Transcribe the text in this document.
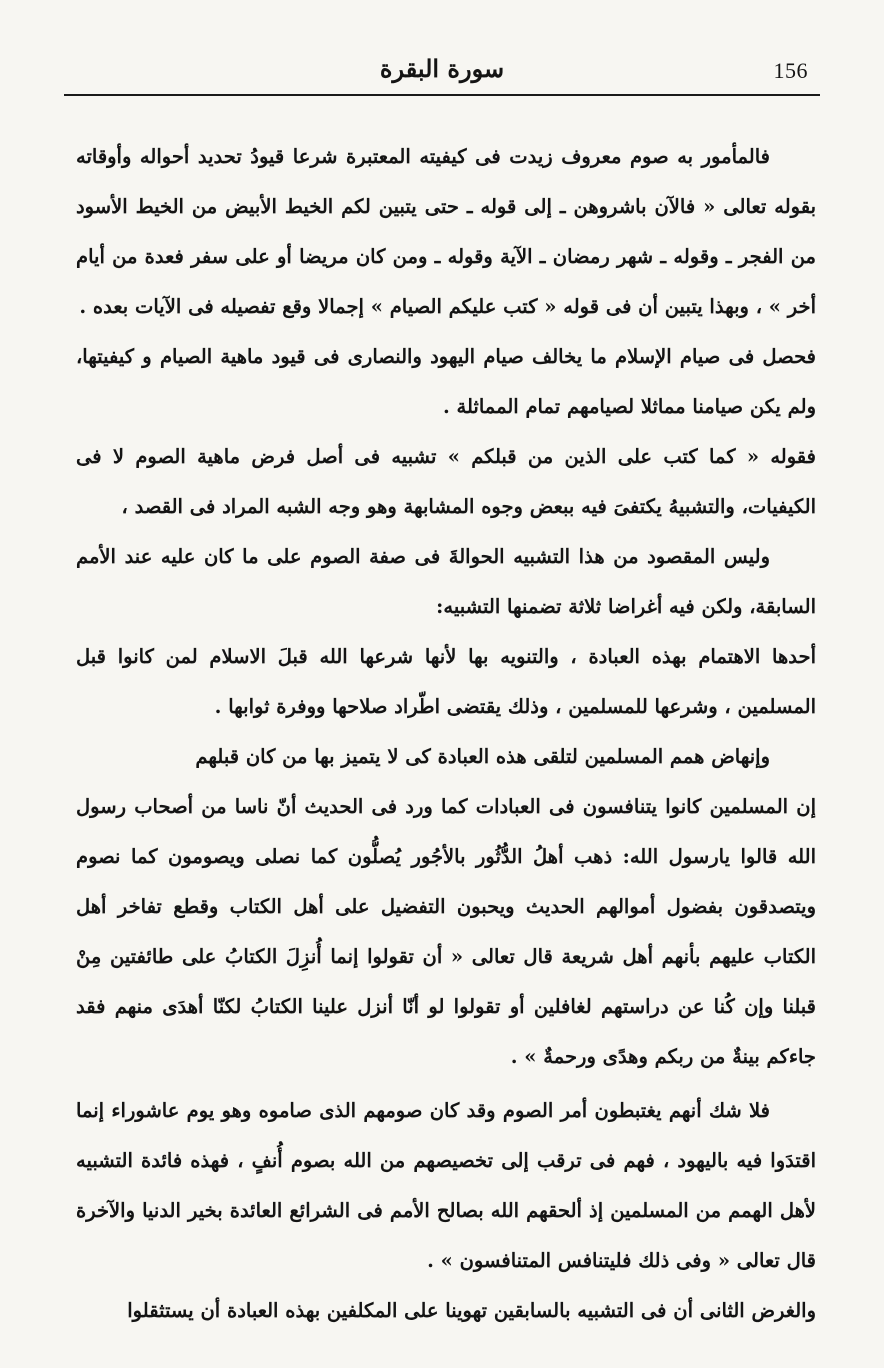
سورة البقرة	156

فالمأمور به صوم معروف زيدت فى كيفيته المعتبرة شرعا قيودُ تحديد أحواله وأوقاته بقوله تعالى « فالآن باشروهن ـ إلى قوله ـ حتى يتبين لكم الخيط الأبيض من الخيط الأسود من الفجر ـ وقوله ـ شهر رمضان ـ الآية وقوله ـ ومن كان مريضا أو على سفر فعدة من أيام أخر » ، وبهذا يتبين أن فى قوله « كتب عليكم الصيام » إجمالا وقع تفصيله فى الآيات بعده .

فحصل فى صيام الإسلام ما يخالف صيام اليهود والنصارى فى قيود ماهية الصيام و كيفيتها، ولم يكن صيامنا مماثلا لصيامهم تمام المماثلة .

فقوله « كما كتب على الذين من قبلكم » تشبيه فى أصل فرض ماهية الصوم لا فى الكيفيات، والتشبيهُ يكتفىَ فيه ببعض وجوه المشابهة وهو وجه الشبه المراد فى القصد ،

وليس المقصود من هذا التشبيه الحوالةَ فى صفة الصوم على ما كان عليه عند الأمم السابقة، ولكن فيه أغراضا ثلاثة تضمنها التشبيه:

أحدها الاهتمام بهذه العبادة ، والتنويه بها لأنها شرعها الله قبلَ الاسلام لمن كانوا قبل المسلمين ، وشرعها للمسلمين ، وذلك يقتضى اطّراد صلاحها ووفرة ثوابها .

وإنهاض همم المسلمين لتلقى هذه العبادة كى لا يتميز بها من كان قبلهم

إن المسلمين كانوا يتنافسون فى العبادات كما ورد فى الحديث أنّ ناسا من أصحاب رسول الله قالوا يارسول الله: ذهب أهلُ الدُّثُور بالأجُور يُصلُّون كما نصلى ويصومون كما نصوم ويتصدقون بفضول أموالهم الحديث ويحبون التفضيل على أهل الكتاب وقطع تفاخر أهل الكتاب عليهم بأنهم أهل شريعة قال تعالى « أن تقولوا إنما أُنزِلَ الكتابُ على طائفتين مِنْ قبلنا وإن كُنا عن دراستهم لغافلين أو تقولوا لو أنّا أنزل علينا الكتابُ لكنّا أهدَى منهم فقد جاءكم بينةٌ من ربكم وهدًى ورحمةٌ » .

فلا شك أنهم يغتبطون أمر الصوم وقد كان صومهم الذى صاموه وهو يوم عاشوراء إنما اقتدَوا فيه باليهود ، فهم فى ترقب إلى تخصيصهم من الله بصوم أُنفٍ ، فهذه فائدة التشبيه لأهل الهمم من المسلمين إذ ألحقهم الله بصالح الأمم فى الشرائع العائدة بخير الدنيا والآخرة قال تعالى « وفى ذلك فليتنافس المتنافسون » .

والغرض الثانى أن فى التشبيه بالسابقين تهوينا على المكلفين بهذه العبادة أن يستثقلوا
